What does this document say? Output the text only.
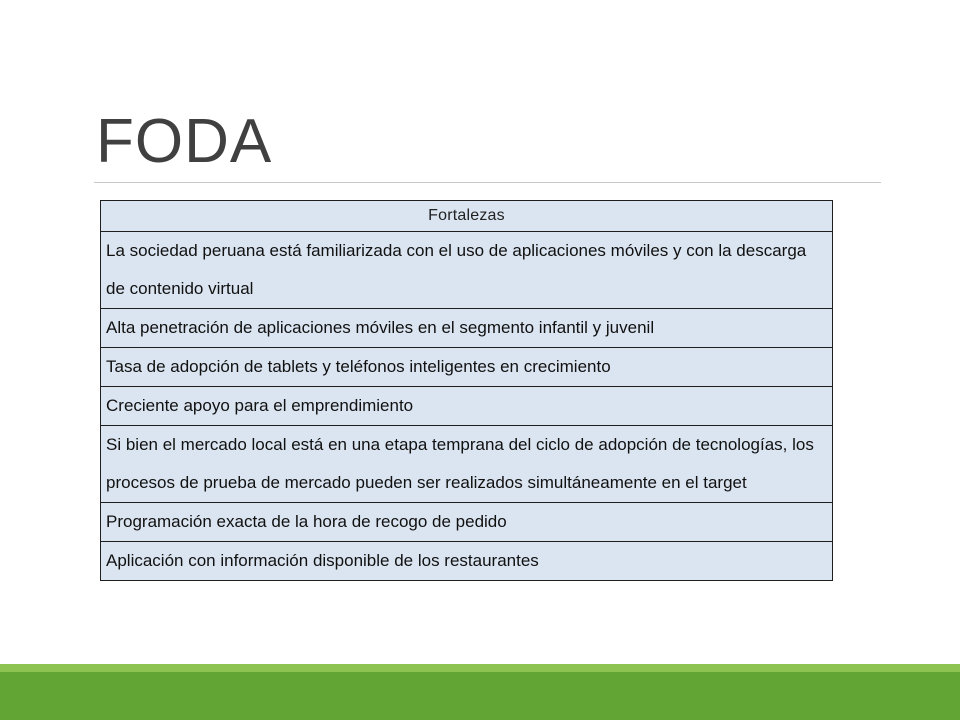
FODA
Fortalezas
La sociedad peruana está familiarizada con el uso de aplicaciones móviles y con la descarga de contenido virtual
Alta penetración de aplicaciones móviles en el segmento infantil y juvenil
Tasa de adopción de tablets y teléfonos inteligentes en crecimiento
Creciente apoyo para el emprendimiento
Si bien el mercado local está en una etapa temprana del ciclo de adopción de tecnologías, los procesos de prueba de mercado pueden ser realizados simultáneamente en el target
Programación exacta de la hora de recogo de pedido
Aplicación con información disponible de los restaurantes
